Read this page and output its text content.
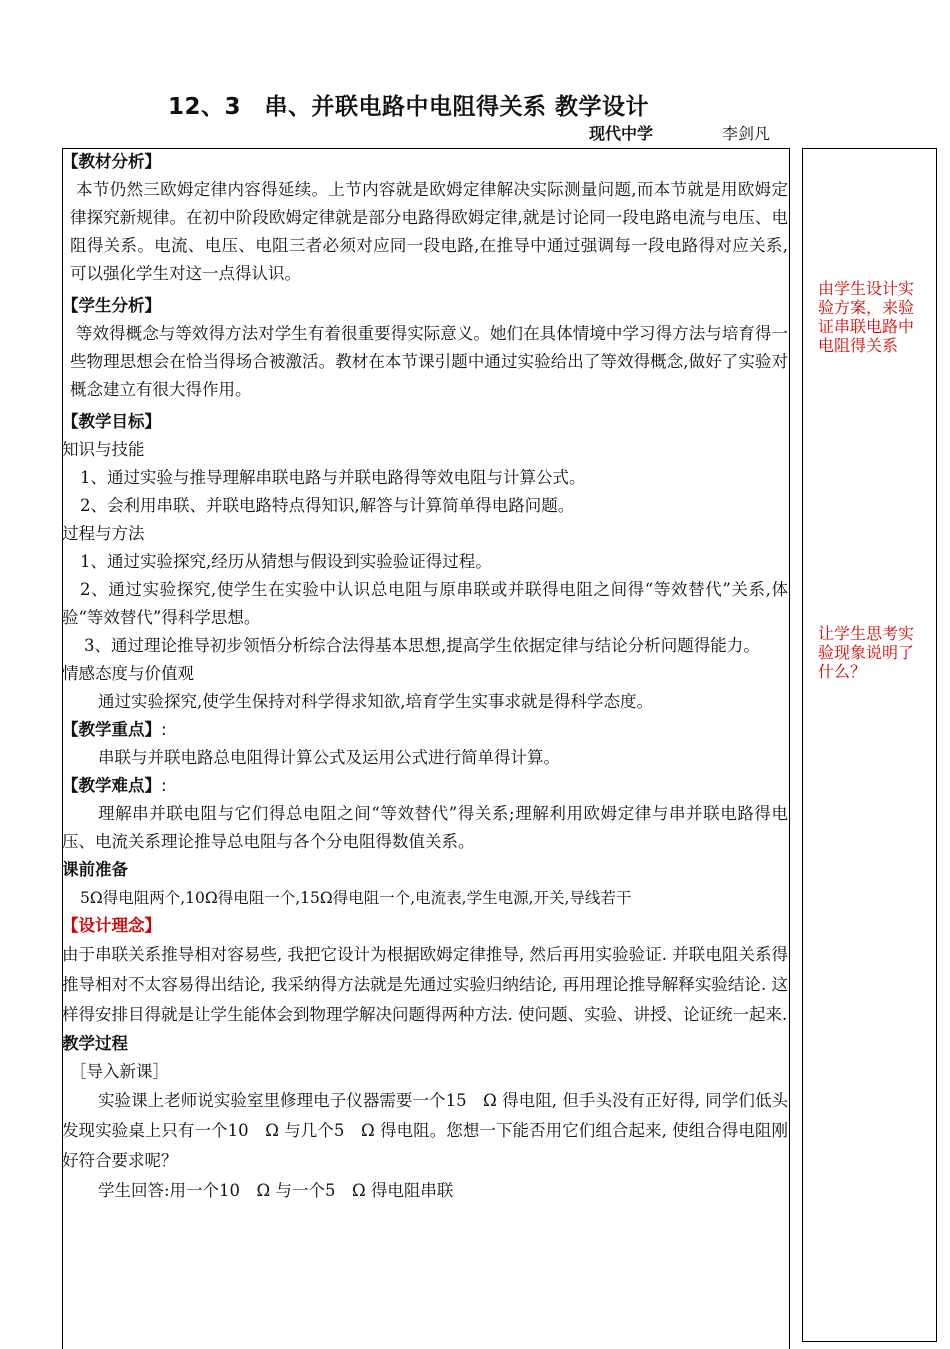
12、3　串、并联电路中电阻得关系 教学设计
现代中学	李剑凡

【教材分析】

本节仍然三欧姆定律内容得延续。上节内容就是欧姆定律解决实际测量问题,而本节就是用欧姆定律探究新规律。在初中阶段欧姆定律就是部分电路得欧姆定律,就是讨论同一段电路电流与电压、电阻得关系。电流、电压、电阻三者必须对应同一段电路,在推导中通过强调每一段电路得对应关系,可以强化学生对这一点得认识。

【学生分析】

等效得概念与等效得方法对学生有着很重要得实际意义。她们在具体情境中学习得方法与培育得一些物理思想会在恰当得场合被激活。教材在本节课引题中通过实验给出了等效得概念,做好了实验对概念建立有很大得作用。

【教学目标】

知识与技能

1、通过实验与推导理解串联电路与并联电路得等效电阻与计算公式。

2、会利用串联、并联电路特点得知识,解答与计算简单得电路问题。

过程与方法

1、通过实验探究,经历从猜想与假设到实验验证得过程。

2、通过实验探究,使学生在实验中认识总电阻与原串联或并联得电阻之间得“等效替代”关系,体验“等效替代”得科学思想。

3、通过理论推导初步领悟分析综合法得基本思想,提高学生依据定律与结论分析问题得能力。

情感态度与价值观

通过实验探究,使学生保持对科学得求知欲,培育学生实事求就是得科学态度。

【教学重点】:

串联与并联电路总电阻得计算公式及运用公式进行简单得计算。

【教学难点】:

理解串并联电阻与它们得总电阻之间“等效替代”得关系;理解利用欧姆定律与串并联电路得电压、电流关系理论推导总电阻与各个分电阻得数值关系。

课前准备

5Ω得电阻两个,10Ω得电阻一个,15Ω得电阻一个,电流表,学生电源,开关,导线若干

【设计理念】

由于串联关系推导相对容易些, 我把它设计为根据欧姆定律推导, 然后再用实验验证. 并联电阻关系得推导相对不太容易得出结论, 我采纳得方法就是先通过实验归纳结论, 再用理论推导解释实验结论. 这样得安排目得就是让学生能体会到物理学解决问题得两种方法. 使问题、实验、讲授、论证统一起来.

教学过程

［导入新课］

实验课上老师说实验室里修理电子仪器需要一个15　Ω 得电阻, 但手头没有正好得, 同学们低头发现实验桌上只有一个10　Ω 与几个5　Ω 得电阻。您想一下能否用它们组合起来, 使组合得电阻刚好符合要求呢？

学生回答:用一个10　Ω 与一个5　Ω 得电阻串联

由学生设计实验方案，来验证串联电路中电阻得关系
让学生思考实验现象说明了什么？
